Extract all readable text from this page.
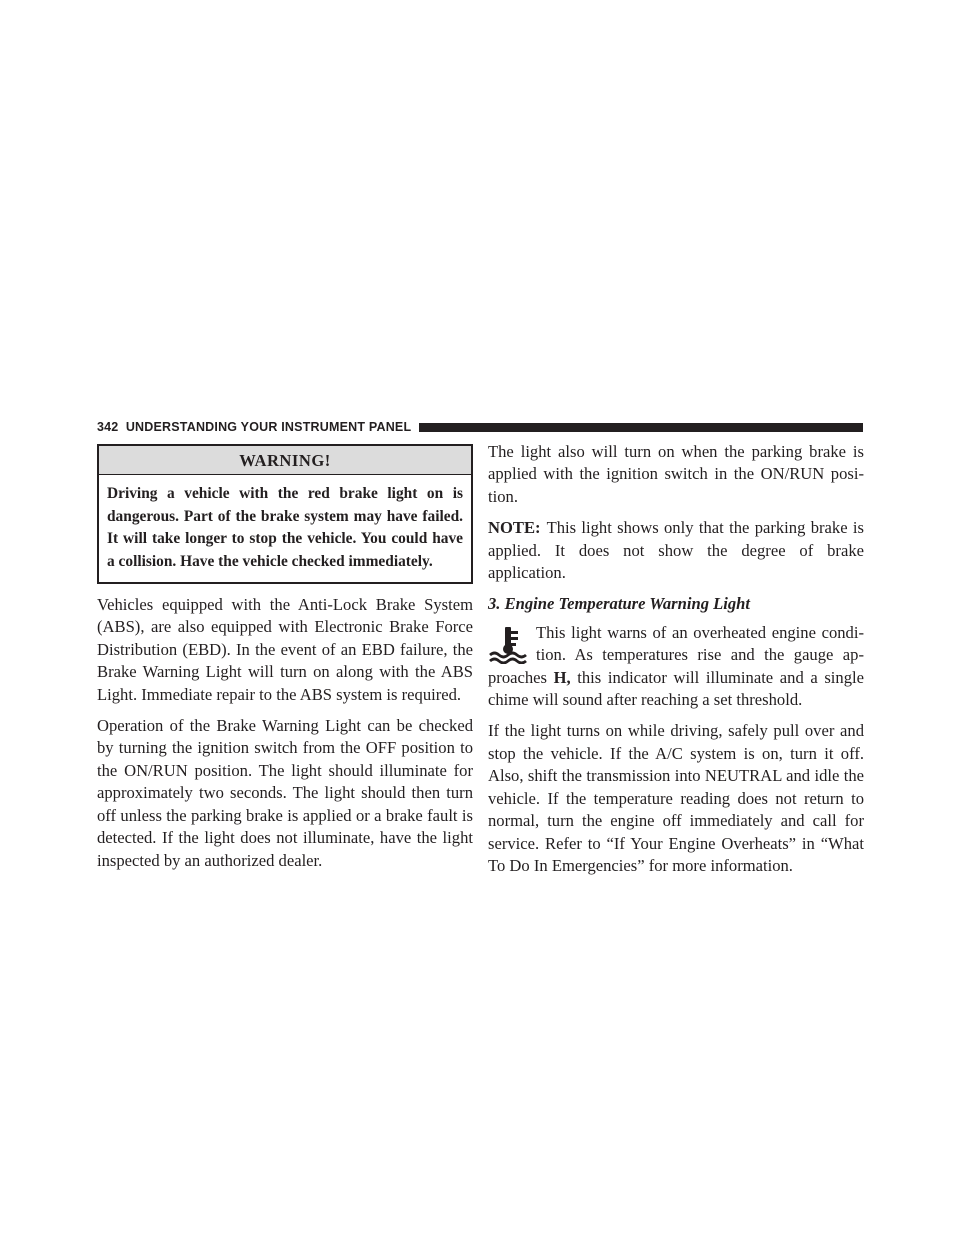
342 UNDERSTANDING YOUR INSTRUMENT PANEL
WARNING!
Driving a vehicle with the red brake light on is dangerous. Part of the brake system may have failed. It will take longer to stop the vehicle. You could have a collision. Have the vehicle checked immediately.

Vehicles equipped with the Anti-Lock Brake System (ABS), are also equipped with Electronic Brake Force Distribution (EBD). In the event of an EBD failure, the Brake Warning Light will turn on along with the ABS Light. Immediate repair to the ABS system is required.

Operation of the Brake Warning Light can be checked by turning the ignition switch from the OFF position to the ON/RUN position. The light should illuminate for approximately two seconds. The light should then turn off unless the parking brake is applied or a brake fault is detected. If the light does not illuminate, have the light inspected by an authorized dealer.

The light also will turn on when the parking brake is applied with the ignition switch in the ON/RUN position.

NOTE: This light shows only that the parking brake is applied. It does not show the degree of brake application.

3. Engine Temperature Warning Light

This light warns of an overheated engine condition. As temperatures rise and the gauge approaches H, this indicator will illuminate and a single chime will sound after reaching a set threshold.

If the light turns on while driving, safely pull over and stop the vehicle. If the A/C system is on, turn it off. Also, shift the transmission into NEUTRAL and idle the vehicle. If the temperature reading does not return to normal, turn the engine off immediately and call for service. Refer to “If Your Engine Overheats” in “What To Do In Emergencies” for more information.
